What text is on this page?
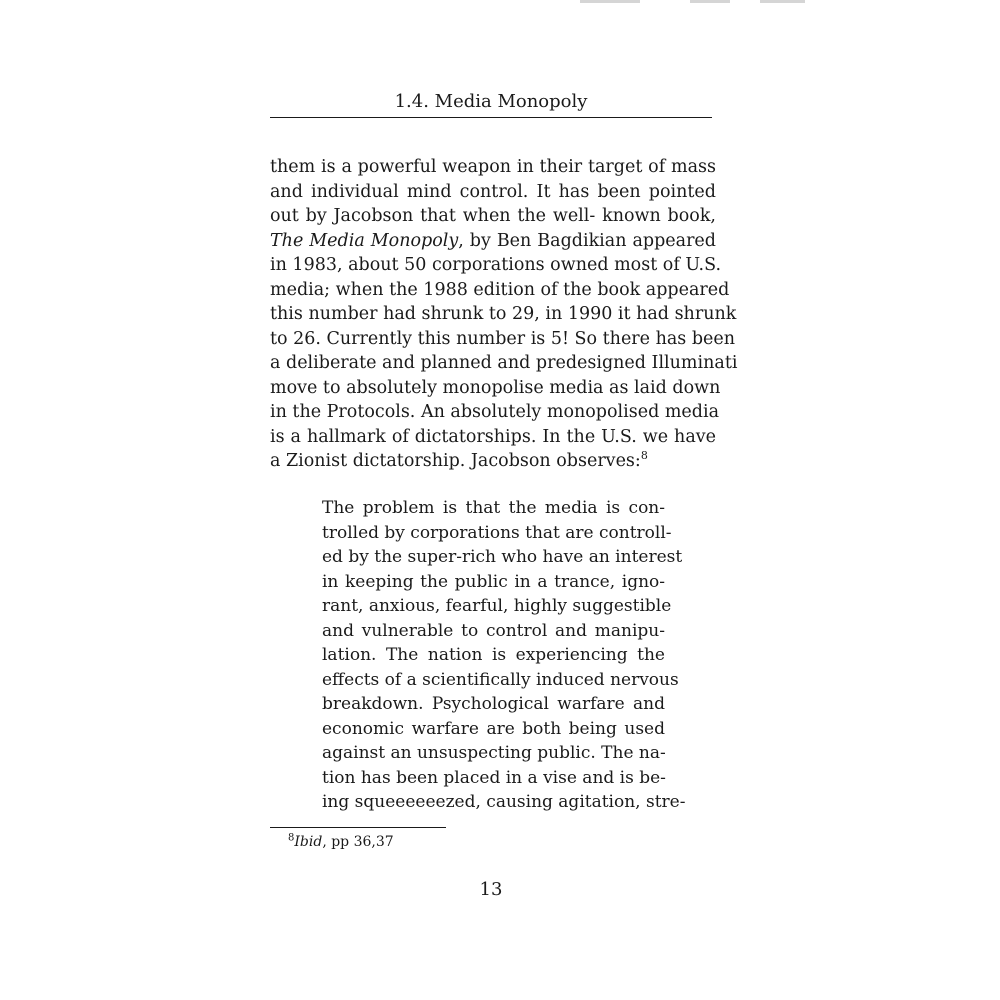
1.4. Media Monopoly
them is a powerful weapon in their target of mass
and individual mind control. It has been pointed
out by Jacobson that when the well- known book,
The Media Monopoly, by Ben Bagdikian appeared
in 1983, about 50 corporations owned most of U.S.
media; when the 1988 edition of the book appeared
this number had shrunk to 29, in 1990 it had shrunk
to 26. Currently this number is 5! So there has been
a deliberate and planned and predesigned Illuminati
move to absolutely monopolise media as laid down
in the Protocols. An absolutely monopolised media
is a hallmark of dictatorships. In the U.S. we have
a Zionist dictatorship. Jacobson observes:$^8$
The problem is that the media is con-
trolled by corporations that are controll-
ed by the super-rich who have an interest
in keeping the public in a trance, igno-
rant, anxious, fearful, highly suggestible
and vulnerable to control and manipu-
lation. The nation is experiencing the
effects of a scientifically induced nervous
breakdown. Psychological warfare and
economic warfare are both being used
against an unsuspecting public. The na-
tion has been placed in a vise and is be-
ing squeeeeeezed, causing agitation, stre-
$^8$Ibid, pp 36,37
13
